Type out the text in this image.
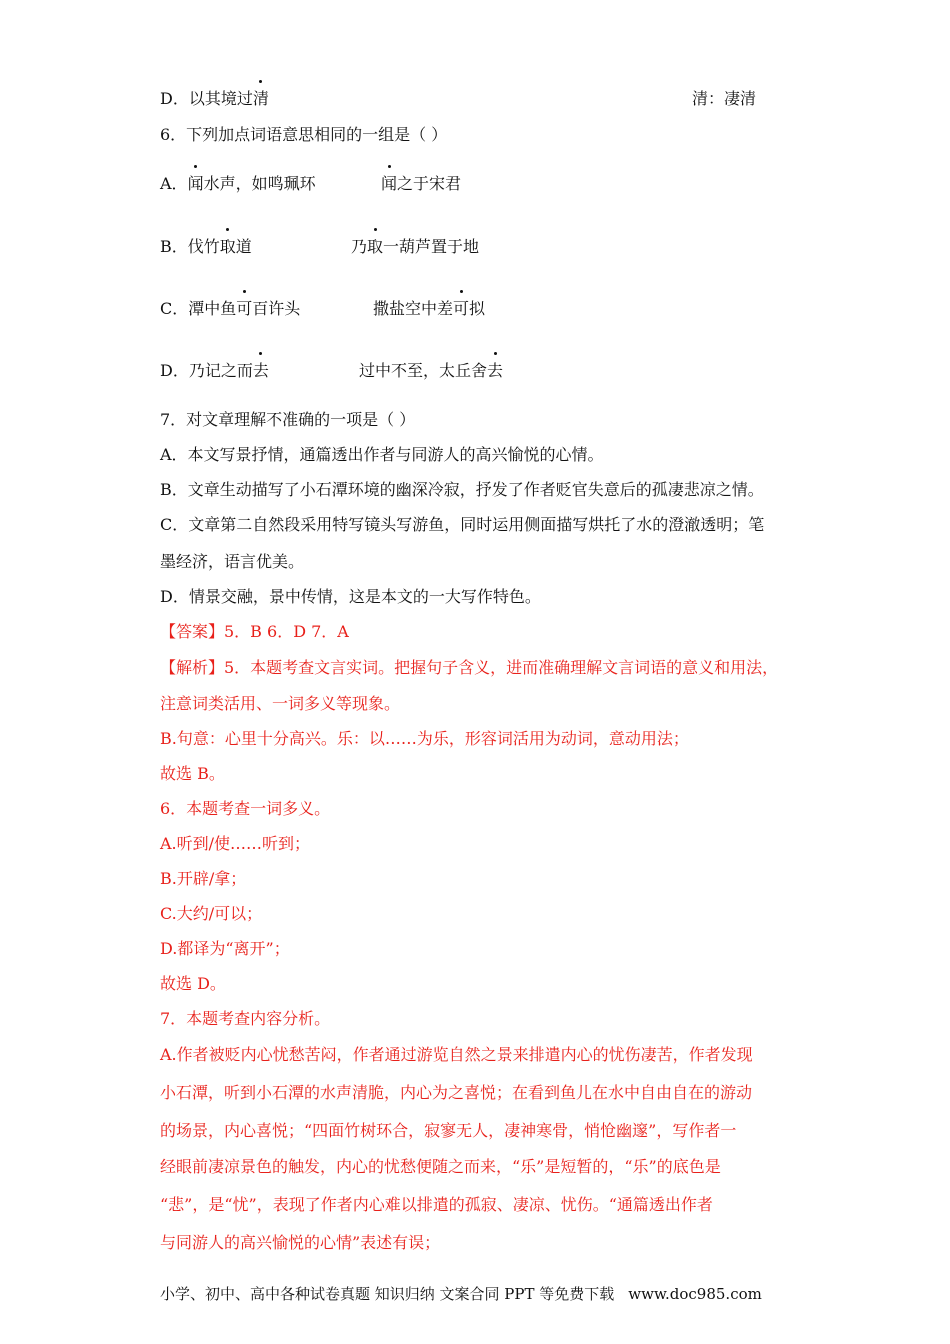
D．以其境过清	清：凄清
6．下列加点词语意思相同的一组是（ ）
A．闻水声，如鸣珮环	闻之于宋君
B．伐竹取道	乃取一葫芦置于地
C．潭中鱼可百许头	撒盐空中差可拟
D．乃记之而去	过中不至，太丘舍去
7．对文章理解不准确的一项是（ ）
A．本文写景抒情，通篇透出作者与同游人的高兴愉悦的心情。
B．文章生动描写了小石潭环境的幽深冷寂，抒发了作者贬官失意后的孤凄悲凉之情。
C．文章第二自然段采用特写镜头写游鱼，同时运用侧面描写烘托了水的澄澈透明；笔
墨经济，语言优美。
D．情景交融，景中传情，这是本文的一大写作特色。
【答案】5．B 6．D 7．A
【解析】5．本题考查文言实词。把握句子含义，进而准确理解文言词语的意义和用法，
注意词类活用、一词多义等现象。
B.句意：心里十分高兴。乐：以……为乐，形容词活用为动词，意动用法；
故选 B。
6．本题考查一词多义。
A.听到/使……听到；
B.开辟/拿；
C.大约/可以；
D.都译为“离开”；
故选 D。
7．本题考查内容分析。
A.作者被贬内心忧愁苦闷，作者通过游览自然之景来排遣内心的忧伤凄苦，作者发现
小石潭，听到小石潭的水声清脆，内心为之喜悦；在看到鱼儿在水中自由自在的游动
的场景，内心喜悦；“四面竹树环合，寂寥无人，凄神寒骨，悄怆幽邃”，写作者一
经眼前凄凉景色的触发，内心的忧愁便随之而来，“乐”是短暂的，“乐”的底色是
“悲”，是“忧”，表现了作者内心难以排遣的孤寂、凄凉、忧伤。“通篇透出作者
与同游人的高兴愉悦的心情”表述有误；
小学、初中、高中各种试卷真题 知识归纳 文案合同 PPT 等免费下载 www.doc985.com
